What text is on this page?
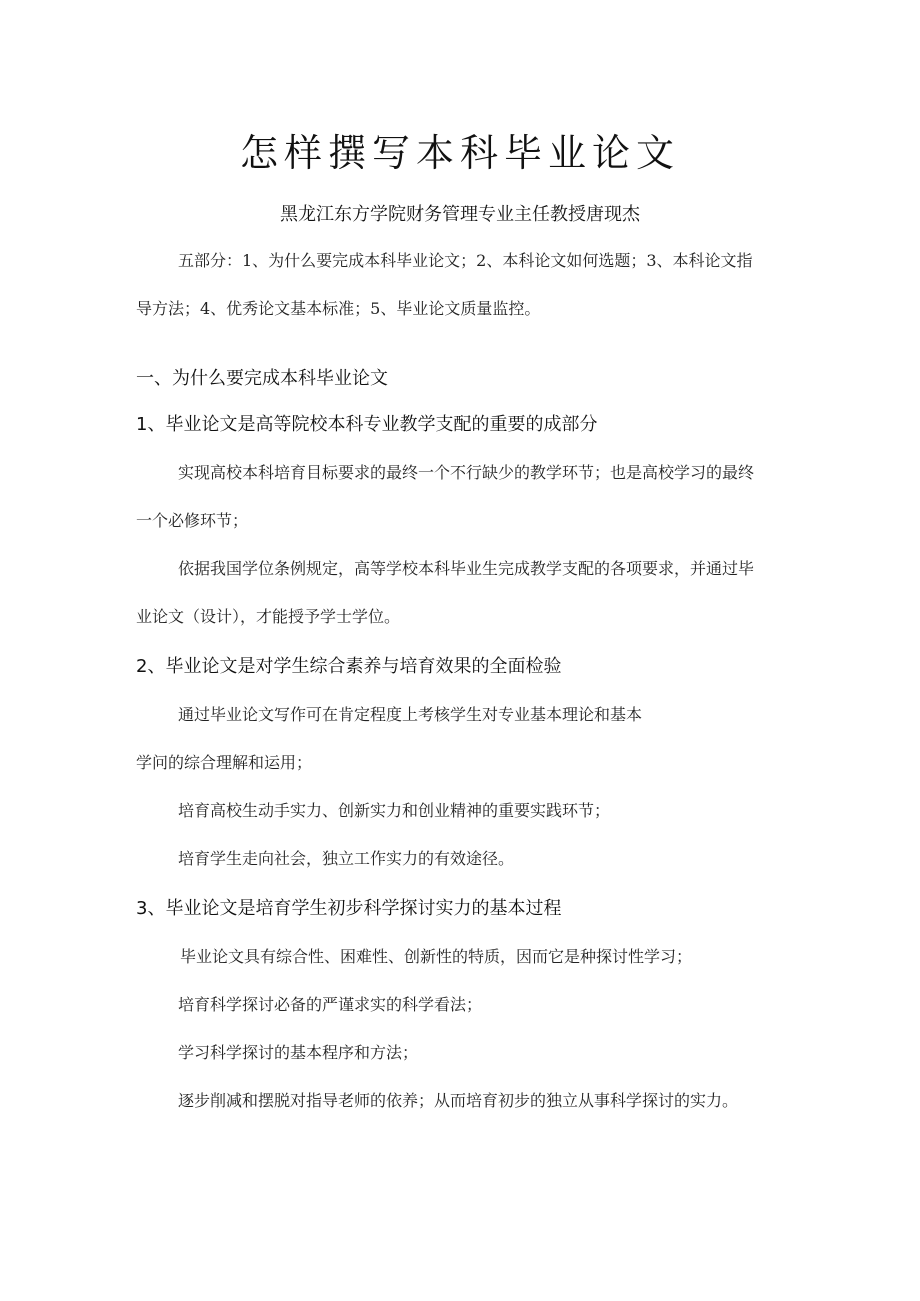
怎样撰写本科毕业论文
黑龙江东方学院财务管理专业主任教授唐现杰
五部分：1、为什么要完成本科毕业论文；2、本科论文如何选题；3、本科论文指
导方法；4、优秀论文基本标准；5、毕业论文质量监控。
一、为什么要完成本科毕业论文
1、毕业论文是高等院校本科专业教学支配的重要的成部分
实现高校本科培育目标要求的最终一个不行缺少的教学环节；也是高校学习的最终
一个必修环节；
依据我国学位条例规定，高等学校本科毕业生完成教学支配的各项要求，并通过毕
业论文（设计），才能授予学士学位。
2、毕业论文是对学生综合素养与培育效果的全面检验
通过毕业论文写作可在肯定程度上考核学生对专业基本理论和基本
学问的综合理解和运用；
培育高校生动手实力、创新实力和创业精神的重要实践环节；
培育学生走向社会，独立工作实力的有效途径。
3、毕业论文是培育学生初步科学探讨实力的基本过程
毕业论文具有综合性、困难性、创新性的特质，因而它是种探讨性学习；
培育科学探讨必备的严谨求实的科学看法；
学习科学探讨的基本程序和方法；
逐步削减和摆脱对指导老师的依养；从而培育初步的独立从事科学探讨的实力。
